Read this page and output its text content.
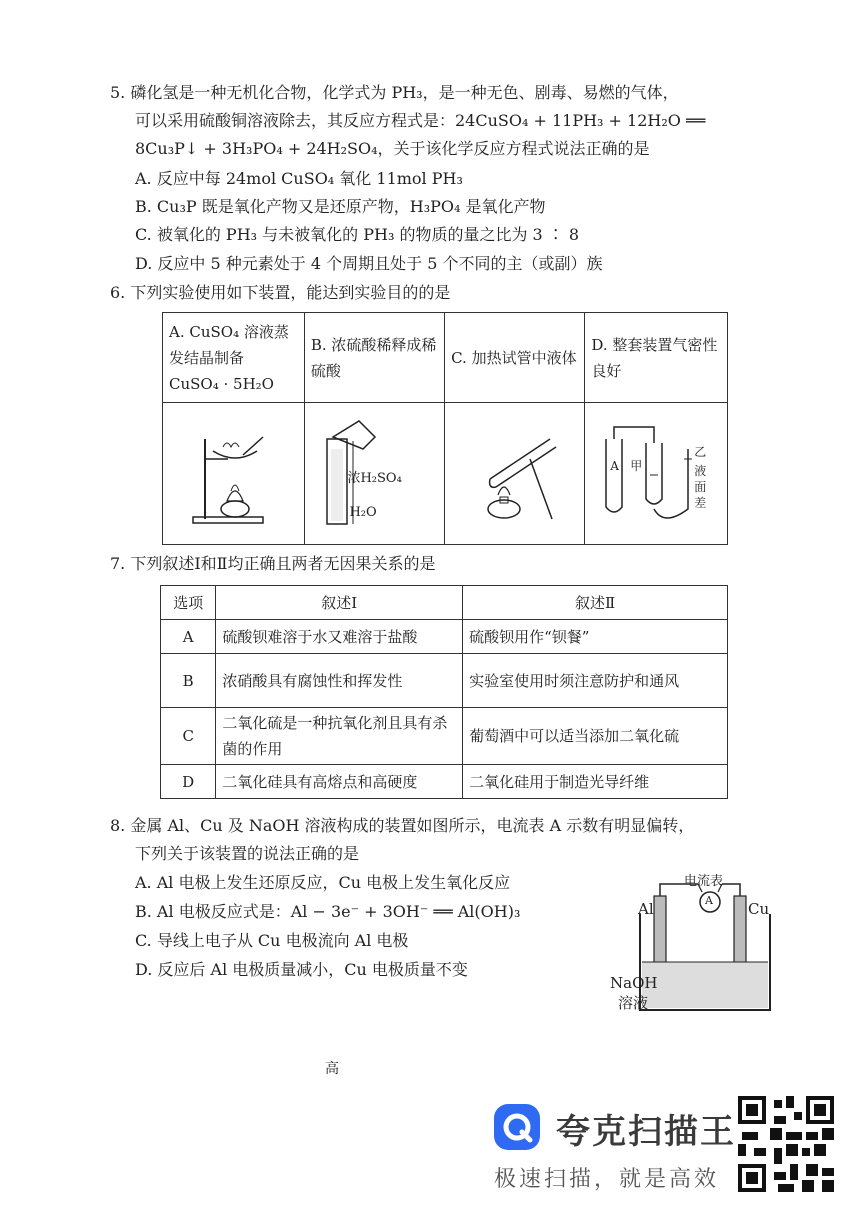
5. 磷化氢是一种无机化合物，化学式为 PH₃，是一种无色、剧毒、易燃的气体，
可以采用硫酸铜溶液除去，其反应方程式是：24CuSO₄ + 11PH₃ + 12H₂O ══
8Cu₃P↓ + 3H₃PO₄ + 24H₂SO₄，关于该化学反应方程式说法正确的是
A. 反应中每 24mol CuSO₄ 氧化 11mol PH₃
B. Cu₃P 既是氧化产物又是还原产物，H₃PO₄ 是氧化产物
C. 被氧化的 PH₃ 与未被氧化的 PH₃ 的物质的量之比为 3 ∶ 8
D. 反应中 5 种元素处于 4 个周期且处于 5 个不同的主（或副）族
6. 下列实验使用如下装置，能达到实验目的的是
A. CuSO₄ 溶液蒸发结晶制备 CuSO₄ · 5H₂O	B. 浓硫酸稀释成稀硫酸	C. 加热试管中液体	D. 整套装置气密性良好

浓H₂SO₄
H₂O		A 甲
乙
液面差
7. 下列叙述Ⅰ和Ⅱ均正确且两者无因果关系的是
选项	叙述Ⅰ	叙述Ⅱ
A	硫酸钡难溶于水又难溶于盐酸	硫酸钡用作“钡餐”
B	浓硝酸具有腐蚀性和挥发性	实验室使用时须注意防护和通风
C	二氧化硫是一种抗氧化剂且具有杀菌的作用	葡萄酒中可以适当添加二氧化硫
D	二氧化硅具有高熔点和高硬度	二氧化硅用于制造光导纤维
8. 金属 Al、Cu 及 NaOH 溶液构成的装置如图所示，电流表 A 示数有明显偏转，
下列关于该装置的说法正确的是
A. Al 电极上发生还原反应，Cu 电极上发生氧化反应
B. Al 电极反应式是：Al − 3e⁻ + 3OH⁻ ══ Al(OH)₃
C. 导线上电子从 Cu 电极流向 Al 电极
D. 反应后 Al 电极质量减小，Cu 电极质量不变
电流表
A
Al	Cu
NaOH
溶液
高
夸克扫描王
极速扫描，就是高效
